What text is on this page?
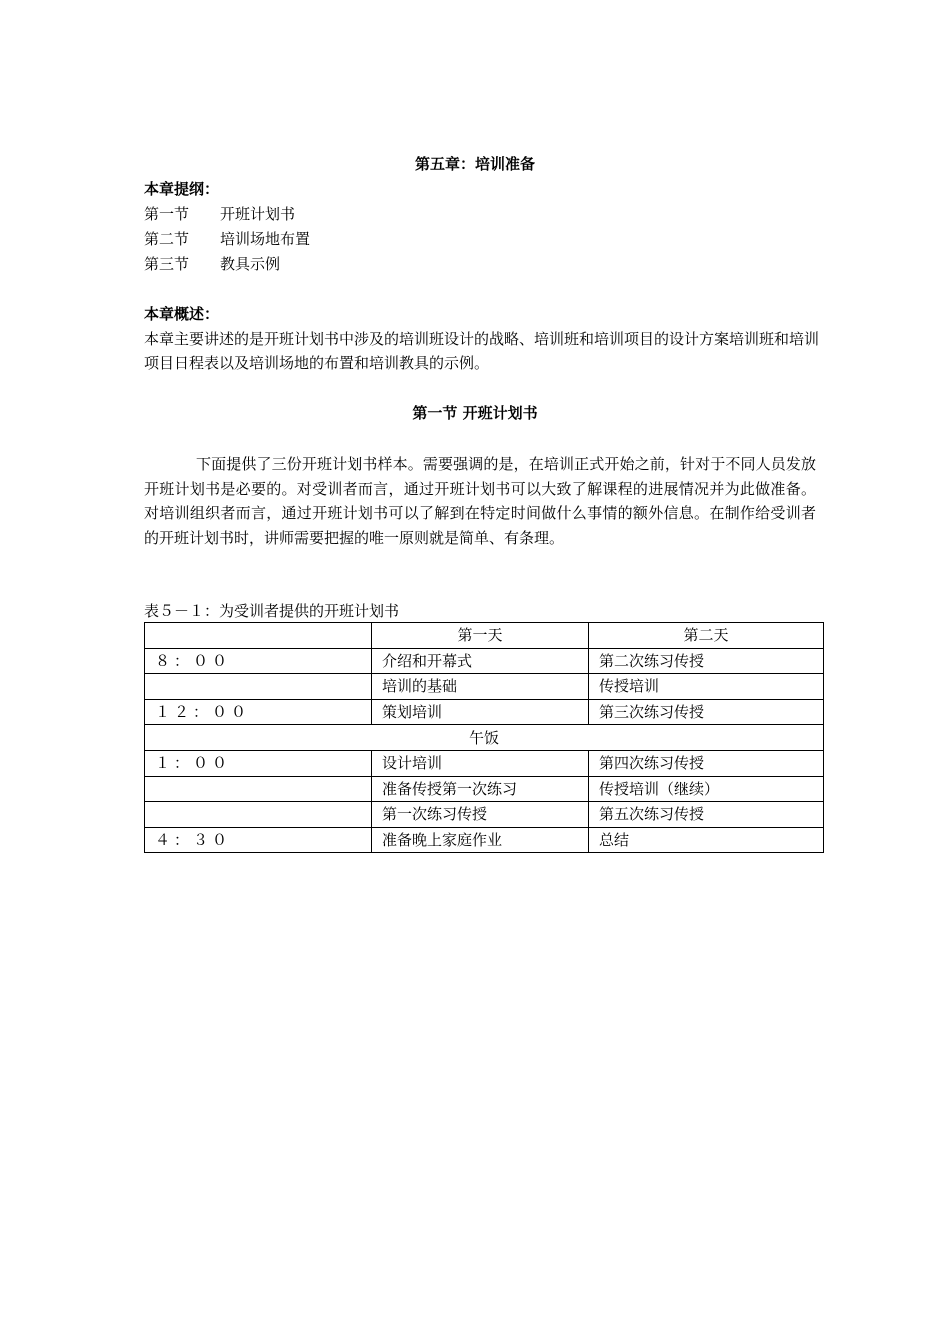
第五章：培训准备
本章提纲：
第一节	开班计划书
第二节	培训场地布置
第三节	教具示例
本章概述：
本章主要讲述的是开班计划书中涉及的培训班设计的战略、培训班和培训项目的设计方案培训班和培训项目日程表以及培训场地的布置和培训教具的示例。
第一节 开班计划书
下面提供了三份开班计划书样本。需要强调的是，在培训正式开始之前，针对于不同人员发放开班计划书是必要的。对受训者而言，通过开班计划书可以大致了解课程的进展情况并为此做准备。对培训组织者而言，通过开班计划书可以了解到在特定时间做什么事情的额外信息。在制作给受训者的开班计划书时，讲师需要把握的唯一原则就是简单、有条理。
表５－１：为受训者提供的开班计划书
	第一天	第二天
８：００	介绍和开幕式	第二次练习传授
	培训的基础	传授培训
１２：００	策划培训	第三次练习传授
午饭		
１：００	设计培训	第四次练习传授
	准备传授第一次练习	传授培训（继续）
	第一次练习传授	第五次练习传授
４：３０	准备晚上家庭作业	总结
